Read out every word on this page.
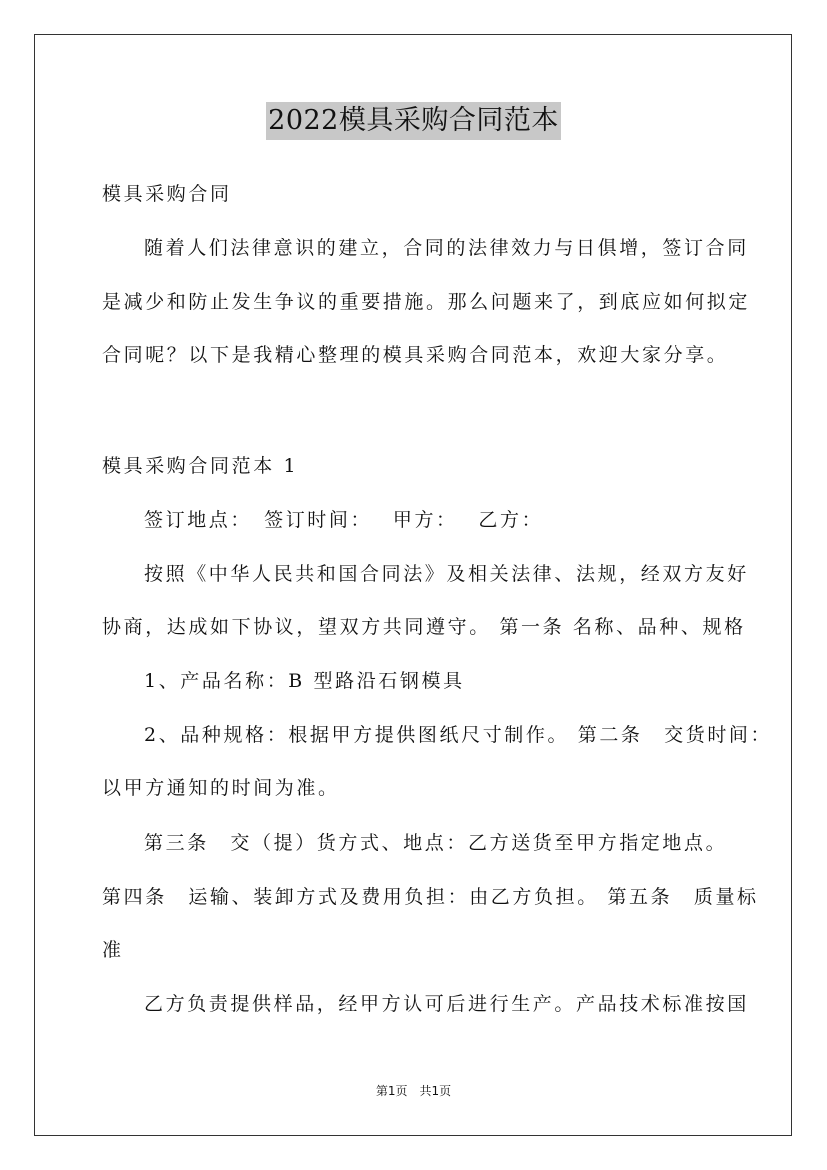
2022模具采购合同范本
模具采购合同
随着人们法律意识的建立，合同的法律效力与日俱增，签订合同
是减少和防止发生争议的重要措施。那么问题来了，到底应如何拟定
合同呢？以下是我精心整理的模具采购合同范本，欢迎大家分享。
模具采购合同范本 1
签订地点：　签订时间：　 甲方：　 乙方：
按照《中华人民共和国合同法》及相关法律、法规，经双方友好
协商，达成如下协议，望双方共同遵守。 第一条 名称、品种、规格
1、产品名称：B 型路沿石钢模具
2、品种规格：根据甲方提供图纸尺寸制作。 第二条　交货时间：
以甲方通知的时间为准。
第三条　交（提）货方式、地点：乙方送货至甲方指定地点。
第四条　运输、装卸方式及费用负担：由乙方负担。 第五条　质量标
准
乙方负责提供样品，经甲方认可后进行生产。产品技术标准按国
第1页　共1页
